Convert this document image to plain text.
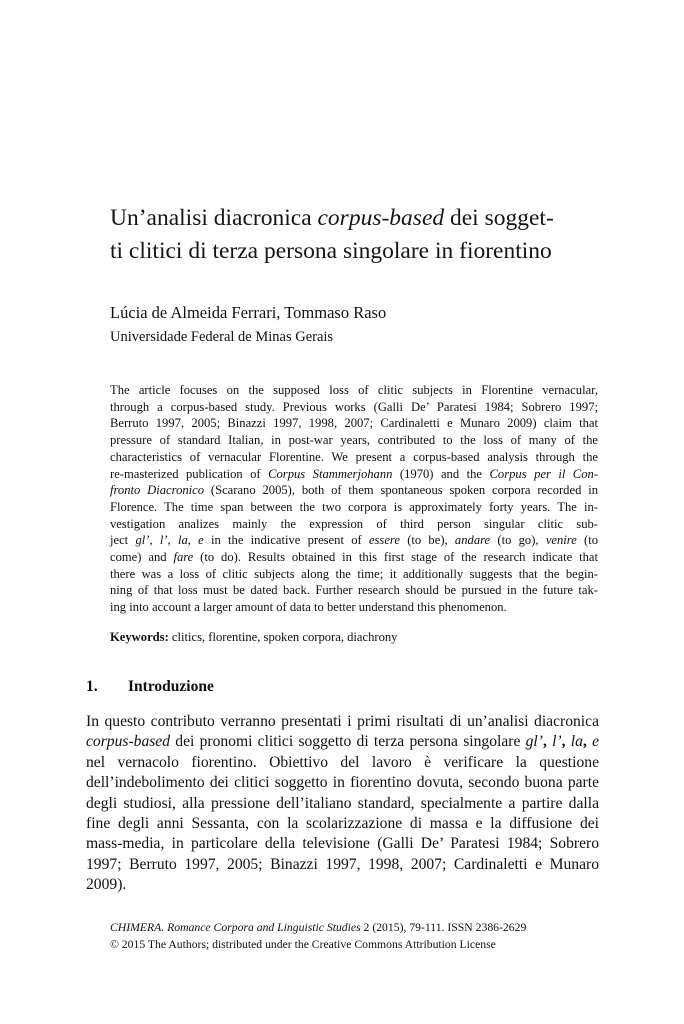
Un’analisi diacronica corpus-based dei sogget-
ti clitici di terza persona singolare in fiorentino
Lúcia de Almeida Ferrari, Tommaso Raso
Universidade Federal de Minas Gerais
The article focuses on the supposed loss of clitic subjects in Florentine vernacular,
through a corpus-based study. Previous works (Galli De’ Paratesi 1984; Sobrero 1997;
Berruto 1997, 2005; Binazzi 1997, 1998, 2007; Cardinaletti e Munaro 2009) claim that
pressure of standard Italian, in post-war years, contributed to the loss of many of the
characteristics of vernacular Florentine. We present a corpus-based analysis through the
re-masterized publication of Corpus Stammerjohann (1970) and the Corpus per il Con-
fronto Diacronico (Scarano 2005), both of them spontaneous spoken corpora recorded in
Florence. The time span between the two corpora is approximately forty years. The in-
vestigation analizes mainly the expression of third person singular clitic sub-
ject gl’, l’, la, e in the indicative present of essere (to be), andare (to go), venire (to
come) and fare (to do). Results obtained in this first stage of the research indicate that
there was a loss of clitic subjects along the time; it additionally suggests that the begin-
ning of that loss must be dated back. Further research should be pursued in the future tak-
ing into account a larger amount of data to better understand this phenomenon.
Keywords: clitics, florentine, spoken corpora, diachrony
1. Introduzione
In questo contributo verranno presentati i primi risultati di un’analisi diacronica
corpus-based dei pronomi clitici soggetto di terza persona singolare gl’, l’, la, e
nel vernacolo fiorentino. Obiettivo del lavoro è verificare la questione
dell’indebolimento dei clitici soggetto in fiorentino dovuta, secondo buona parte
degli studiosi, alla pressione dell’italiano standard, specialmente a partire dalla
fine degli anni Sessanta, con la scolarizzazione di massa e la diffusione dei
mass-media, in particolare della televisione (Galli De’ Paratesi 1984; Sobrero
1997; Berruto 1997, 2005; Binazzi 1997, 1998, 2007; Cardinaletti e Munaro
2009).
CHIMERA. Romance Corpora and Linguistic Studies 2 (2015), 79-111. ISSN 2386-2629
© 2015 The Authors; distributed under the Creative Commons Attribution License
